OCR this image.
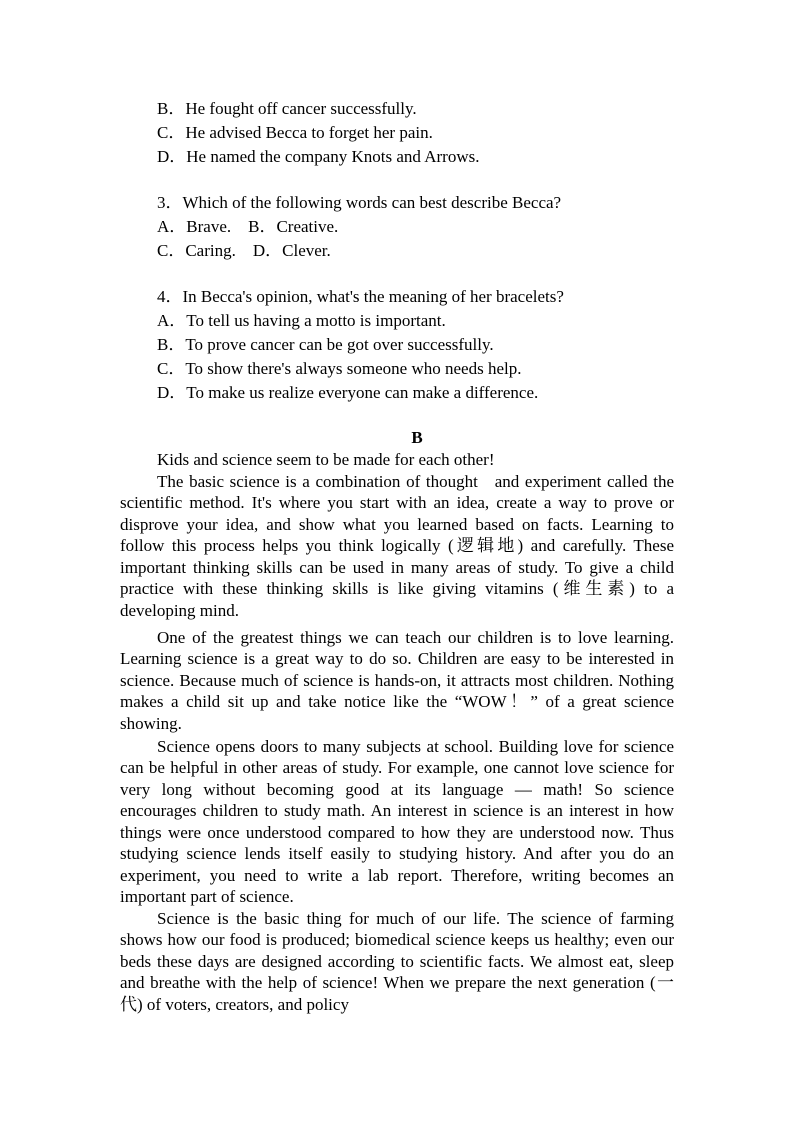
B．He fought off cancer successfully.
C．He advised Becca to forget her pain.
D．He named the company Knots and Arrows.
3．Which of the following words can best describe Becca?
A．Brave.    B．Creative.
C．Caring.    D．Clever.
4．In Becca's opinion, what's the meaning of her bracelets?
A．To tell us having a motto is important.
B．To prove cancer can be got over successfully.
C．To show there's always someone who needs help.
D．To make us realize everyone can make a difference.
B
Kids and science seem to be made for each other!
The basic science is a combination of thought   and experiment called the scientific method. It's where you start with an idea, create a way to prove or disprove your idea, and show what you learned based on facts. Learning to follow this process helps you think logically (逻辑地) and carefully. These important thinking skills can be used in many areas of study. To give a child practice with these thinking skills is like giving vitamins (维生素) to a developing mind.
One of the greatest things we can teach our children is to love learning. Learning science is a great way to do so. Children are easy to be interested in science. Because much of science is hands-on, it attracts most children. Nothing makes a child sit up and take notice like the “WOW！” of a great science showing.
Science opens doors to many subjects at school. Building love for science can be helpful in other areas of study. For example, one cannot love science for very long without becoming good at its language — math! So science encourages children to study math. An interest in science is an interest in how things were once understood compared to how they are understood now. Thus studying science lends itself easily to studying history. And after you do an experiment, you need to write a lab report. Therefore, writing becomes an important part of science.
Science is the basic thing for much of our life. The science of farming shows how our food is produced; biomedical science keeps us healthy; even our beds these days are designed according to scientific facts. We almost eat, sleep and breathe with the help of science! When we prepare the next generation (一代) of voters, creators, and policy
